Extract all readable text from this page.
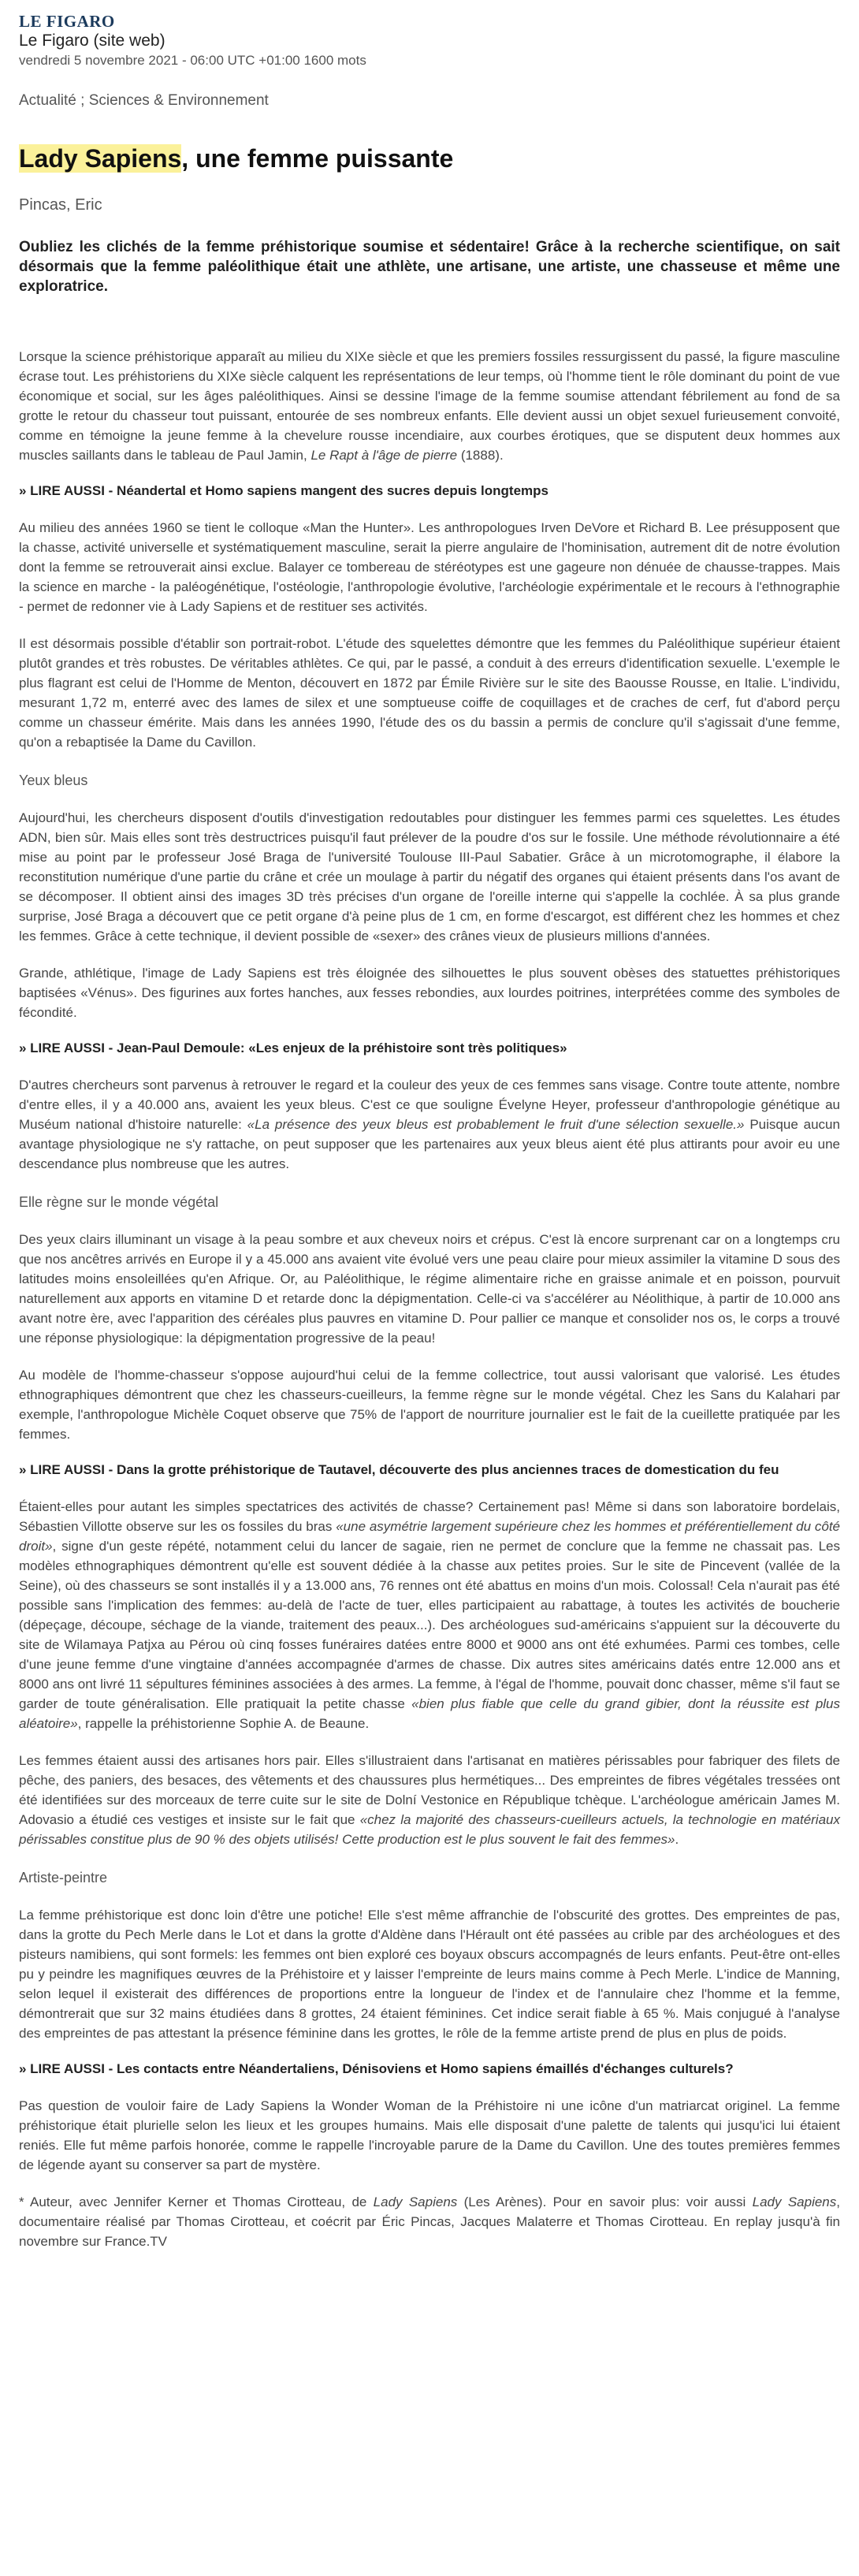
LE FIGARO
Le Figaro (site web)
vendredi 5 novembre 2021 - 06:00 UTC +01:00 1600 mots
Actualité ; Sciences & Environnement
Lady Sapiens, une femme puissante
Pincas, Eric
Oubliez les clichés de la femme préhistorique soumise et sédentaire! Grâce à la recherche scientifique, on sait désormais que la femme paléolithique était une athlète, une artisane, une artiste, une chasseuse et même une exploratrice.
Lorsque la science préhistorique apparaît au milieu du XIXe siècle et que les premiers fossiles ressurgissent du passé, la figure masculine écrase tout. Les préhistoriens du XIXe siècle calquent les représentations de leur temps, où l'homme tient le rôle dominant du point de vue économique et social, sur les âges paléolithiques. Ainsi se dessine l'image de la femme soumise attendant fébrilement au fond de sa grotte le retour du chasseur tout puissant, entourée de ses nombreux enfants. Elle devient aussi un objet sexuel furieusement convoité, comme en témoigne la jeune femme à la chevelure rousse incendiaire, aux courbes érotiques, que se disputent deux hommes aux muscles saillants dans le tableau de Paul Jamin, Le Rapt à l'âge de pierre (1888).
» LIRE AUSSI - Néandertal et Homo sapiens mangent des sucres depuis longtemps
Au milieu des années 1960 se tient le colloque «Man the Hunter». Les anthropologues Irven DeVore et Richard B. Lee présupposent que la chasse, activité universelle et systématiquement masculine, serait la pierre angulaire de l'hominisation, autrement dit de notre évolution dont la femme se retrouverait ainsi exclue. Balayer ce tombereau de stéréotypes est une gageure non dénuée de chausse-trappes. Mais la science en marche - la paléogénétique, l'ostéologie, l'anthropologie évolutive, l'archéologie expérimentale et le recours à l'ethnographie - permet de redonner vie à Lady Sapiens et de restituer ses activités.
Il est désormais possible d'établir son portrait-robot. L'étude des squelettes démontre que les femmes du Paléolithique supérieur étaient plutôt grandes et très robustes. De véritables athlètes. Ce qui, par le passé, a conduit à des erreurs d'identification sexuelle. L'exemple le plus flagrant est celui de l'Homme de Menton, découvert en 1872 par Émile Rivière sur le site des Baousse Rousse, en Italie. L'individu, mesurant 1,72 m, enterré avec des lames de silex et une somptueuse coiffe de coquillages et de craches de cerf, fut d'abord perçu comme un chasseur émérite. Mais dans les années 1990, l'étude des os du bassin a permis de conclure qu'il s'agissait d'une femme, qu'on a rebaptisée la Dame du Cavillon.
Yeux bleus
Aujourd'hui, les chercheurs disposent d'outils d'investigation redoutables pour distinguer les femmes parmi ces squelettes. Les études ADN, bien sûr. Mais elles sont très destructrices puisqu'il faut prélever de la poudre d'os sur le fossile. Une méthode révolutionnaire a été mise au point par le professeur José Braga de l'université Toulouse III-Paul Sabatier. Grâce à un microtomographe, il élabore la reconstitution numérique d'une partie du crâne et crée un moulage à partir du négatif des organes qui étaient présents dans l'os avant de se décomposer. Il obtient ainsi des images 3D très précises d'un organe de l'oreille interne qui s'appelle la cochlée. À sa plus grande surprise, José Braga a découvert que ce petit organe d'à peine plus de 1 cm, en forme d'escargot, est différent chez les hommes et chez les femmes. Grâce à cette technique, il devient possible de «sexer» des crânes vieux de plusieurs millions d'années.
Grande, athlétique, l'image de Lady Sapiens est très éloignée des silhouettes le plus souvent obèses des statuettes préhistoriques baptisées «Vénus». Des figurines aux fortes hanches, aux fesses rebondies, aux lourdes poitrines, interprétées comme des symboles de fécondité.
» LIRE AUSSI - Jean-Paul Demoule: «Les enjeux de la préhistoire sont très politiques»
D'autres chercheurs sont parvenus à retrouver le regard et la couleur des yeux de ces femmes sans visage. Contre toute attente, nombre d'entre elles, il y a 40.000 ans, avaient les yeux bleus. C'est ce que souligne Évelyne Heyer, professeur d'anthropologie génétique au Muséum national d'histoire naturelle: «La présence des yeux bleus est probablement le fruit d'une sélection sexuelle.» Puisque aucun avantage physiologique ne s'y rattache, on peut supposer que les partenaires aux yeux bleus aient été plus attirants pour avoir eu une descendance plus nombreuse que les autres.
Elle règne sur le monde végétal
Des yeux clairs illuminant un visage à la peau sombre et aux cheveux noirs et crépus. C'est là encore surprenant car on a longtemps cru que nos ancêtres arrivés en Europe il y a 45.000 ans avaient vite évolué vers une peau claire pour mieux assimiler la vitamine D sous des latitudes moins ensoleillées qu'en Afrique. Or, au Paléolithique, le régime alimentaire riche en graisse animale et en poisson, pourvuit naturellement aux apports en vitamine D et retarde donc la dépigmentation. Celle-ci va s'accélérer au Néolithique, à partir de 10.000 ans avant notre ère, avec l'apparition des céréales plus pauvres en vitamine D. Pour pallier ce manque et consolider nos os, le corps a trouvé une réponse physiologique: la dépigmentation progressive de la peau!
Au modèle de l'homme-chasseur s'oppose aujourd'hui celui de la femme collectrice, tout aussi valorisant que valorisé. Les études ethnographiques démontrent que chez les chasseurs-cueilleurs, la femme règne sur le monde végétal. Chez les Sans du Kalahari par exemple, l'anthropologue Michèle Coquet observe que 75% de l'apport de nourriture journalier est le fait de la cueillette pratiquée par les femmes.
» LIRE AUSSI - Dans la grotte préhistorique de Tautavel, découverte des plus anciennes traces de domestication du feu
Étaient-elles pour autant les simples spectatrices des activités de chasse? Certainement pas! Même si dans son laboratoire bordelais, Sébastien Villotte observe sur les os fossiles du bras «une asymétrie largement supérieure chez les hommes et préférentiellement du côté droit», signe d'un geste répété, notamment celui du lancer de sagaie, rien ne permet de conclure que la femme ne chassait pas. Les modèles ethnographiques démontrent qu'elle est souvent dédiée à la chasse aux petites proies. Sur le site de Pincevent (vallée de la Seine), où des chasseurs se sont installés il y a 13.000 ans, 76 rennes ont été abattus en moins d'un mois. Colossal! Cela n'aurait pas été possible sans l'implication des femmes: au-delà de l'acte de tuer, elles participaient au rabattage, à toutes les activités de boucherie (dépeçage, découpe, séchage de la viande, traitement des peaux...). Des archéologues sud-américains s'appuient sur la découverte du site de Wilamaya Patjxa au Pérou où cinq fosses funéraires datées entre 8000 et 9000 ans ont été exhumées. Parmi ces tombes, celle d'une jeune femme d'une vingtaine d'années accompagnée d'armes de chasse. Dix autres sites américains datés entre 12.000 ans et 8000 ans ont livré 11 sépultures féminines associées à des armes. La femme, à l'égal de l'homme, pouvait donc chasser, même s'il faut se garder de toute généralisation. Elle pratiquait la petite chasse «bien plus fiable que celle du grand gibier, dont la réussite est plus aléatoire», rappelle la préhistorienne Sophie A. de Beaune.
Les femmes étaient aussi des artisanes hors pair. Elles s'illustraient dans l'artisanat en matières périssables pour fabriquer des filets de pêche, des paniers, des besaces, des vêtements et des chaussures plus hermétiques... Des empreintes de fibres végétales tressées ont été identifiées sur des morceaux de terre cuite sur le site de Dolní Vestonice en République tchèque. L'archéologue américain James M. Adovasio a étudié ces vestiges et insiste sur le fait que «chez la majorité des chasseurs-cueilleurs actuels, la technologie en matériaux périssables constitue plus de 90 % des objets utilisés! Cette production est le plus souvent le fait des femmes».
Artiste-peintre
La femme préhistorique est donc loin d'être une potiche! Elle s'est même affranchie de l'obscurité des grottes. Des empreintes de pas, dans la grotte du Pech Merle dans le Lot et dans la grotte d'Aldène dans l'Hérault ont été passées au crible par des archéologues et des pisteurs namibiens, qui sont formels: les femmes ont bien exploré ces boyaux obscurs accompagnés de leurs enfants. Peut-être ont-elles pu y peindre les magnifiques œuvres de la Préhistoire et y laisser l'empreinte de leurs mains comme à Pech Merle. L'indice de Manning, selon lequel il existerait des différences de proportions entre la longueur de l'index et de l'annulaire chez l'homme et la femme, démontrerait que sur 32 mains étudiées dans 8 grottes, 24 étaient féminines. Cet indice serait fiable à 65 %. Mais conjugué à l'analyse des empreintes de pas attestant la présence féminine dans les grottes, le rôle de la femme artiste prend de plus en plus de poids.
» LIRE AUSSI - Les contacts entre Néandertaliens, Dénisoviens et Homo sapiens émaillés d'échanges culturels?
Pas question de vouloir faire de Lady Sapiens la Wonder Woman de la Préhistoire ni une icône d'un matriarcat originel. La femme préhistorique était plurielle selon les lieux et les groupes humains. Mais elle disposait d'une palette de talents qui jusqu'ici lui étaient reniés. Elle fut même parfois honorée, comme le rappelle l'incroyable parure de la Dame du Cavillon. Une des toutes premières femmes de légende ayant su conserver sa part de mystère.
* Auteur, avec Jennifer Kerner et Thomas Cirotteau, de Lady Sapiens (Les Arènes). Pour en savoir plus: voir aussi Lady Sapiens, documentaire réalisé par Thomas Cirotteau, et coécrit par Éric Pincas, Jacques Malaterre et Thomas Cirotteau. En replay jusqu'à fin novembre sur France.TV
